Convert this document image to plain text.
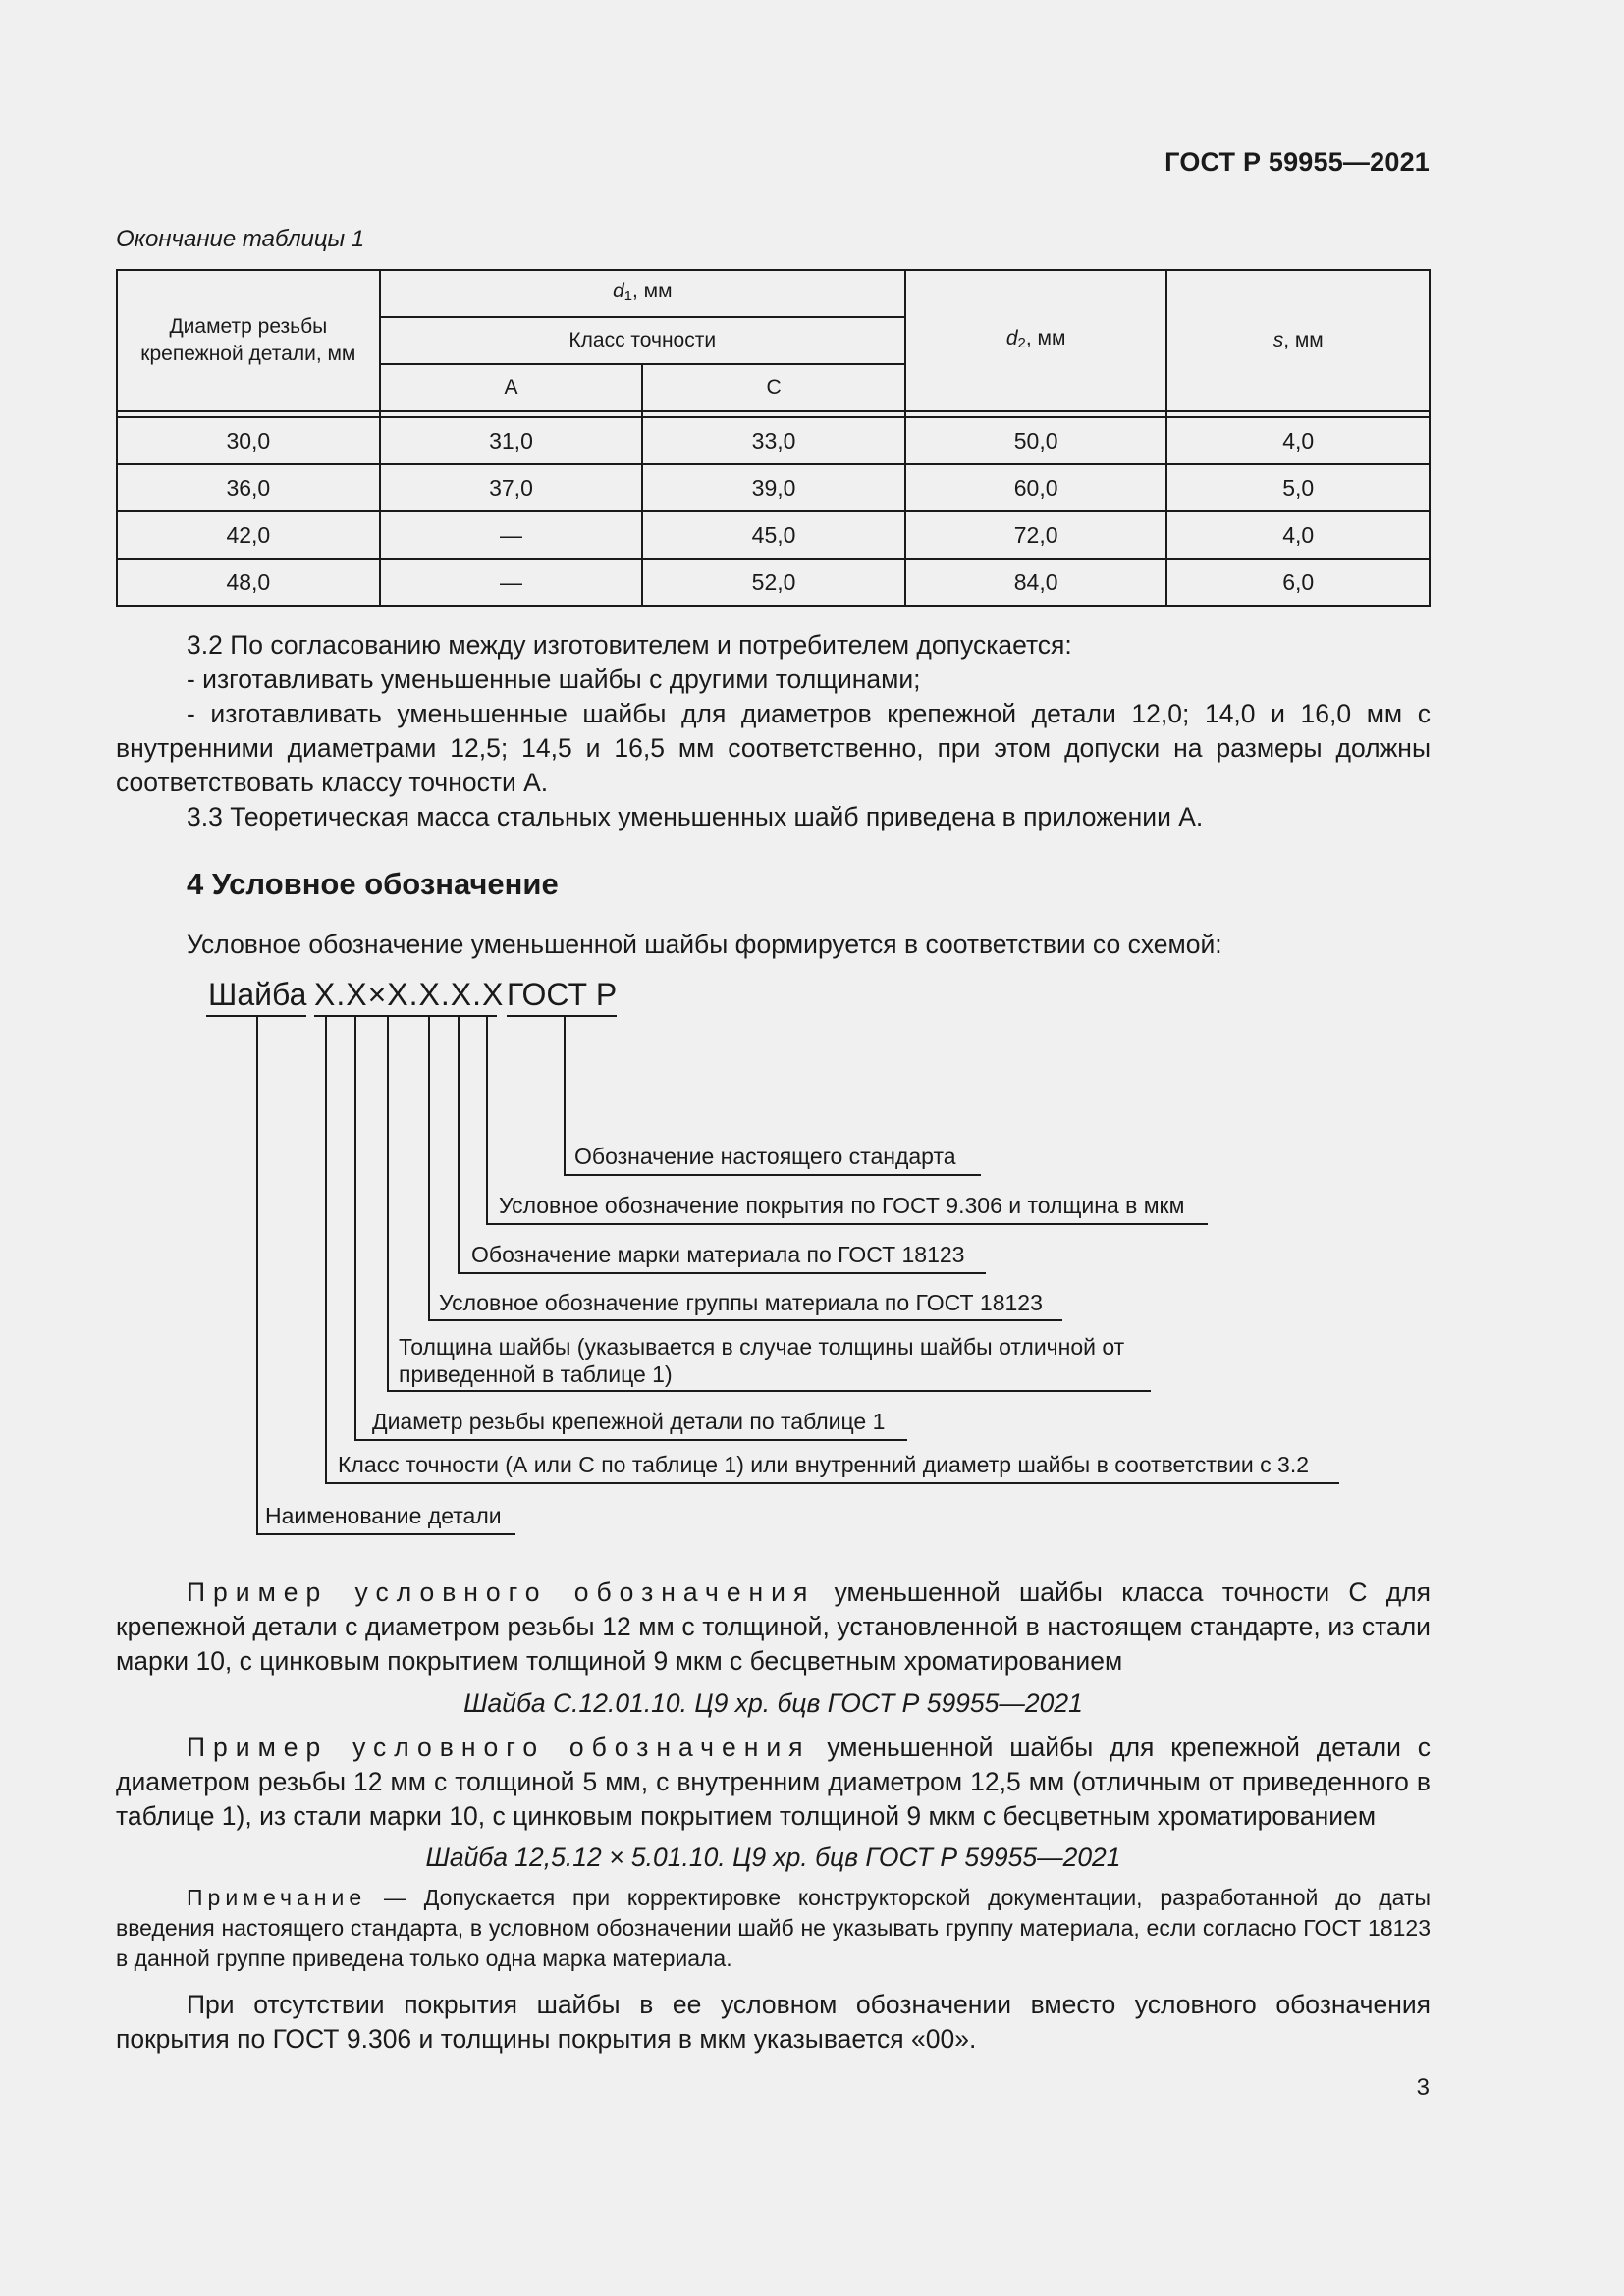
ГОСТ Р 59955—2021
Окончание таблицы 1
Диаметр резьбы крепежной детали, мм	$d_1$, мм		$d_2$, мм	s, мм
	Класс точности			
	А	С		

30,0	31,0	33,0	50,0	4,0
36,0	37,0	39,0	60,0	5,0
42,0	—	45,0	72,0	4,0
48,0	—	52,0	84,0	6,0
3.2 По согласованию между изготовителем и потребителем допускается:
- изготавливать уменьшенные шайбы с другими толщинами;
- изготавливать уменьшенные шайбы для диаметров крепежной детали 12,0; 14,0 и 16,0 мм с внутренними диаметрами 12,5; 14,5 и 16,5 мм соответственно, при этом допуски на размеры должны соответствовать классу точности А.
3.3 Теоретическая масса стальных уменьшенных шайб приведена в приложении А.
4 Условное обозначение
Условное обозначение уменьшенной шайбы формируется в соответствии со схемой:
Шайба Х.Х×Х.Х.Х.Х ГОСТ Р
Обозначение настоящего стандарта
Условное обозначение покрытия по ГОСТ 9.306 и толщина в мкм
Обозначение марки материала по ГОСТ 18123
Условное обозначение группы материала по ГОСТ 18123
Толщина шайбы (указывается в случае толщины шайбы отличной от
приведенной в таблице 1)
Диаметр резьбы крепежной детали по таблице 1
Класс точности (А или С по таблице 1) или внутренний диаметр шайбы в соответствии с 3.2
Наименование детали
Пример условного обозначения уменьшенной шайбы класса точности С для крепежной детали с диаметром резьбы 12 мм с толщиной, установленной в настоящем стандарте, из стали марки 10, с цинковым покрытием толщиной 9 мкм с бесцветным хроматированием
Шайба С.12.01.10. Ц9 хр. бцв ГОСТ Р 59955—2021
Пример условного обозначения уменьшенной шайбы для крепежной детали с диаметром резьбы 12 мм с толщиной 5 мм, с внутренним диаметром 12,5 мм (отличным от приведенного в таблице 1), из стали марки 10, с цинковым покрытием толщиной 9 мкм с бесцветным хроматированием
Шайба 12,5.12 × 5.01.10. Ц9 хр. бцв ГОСТ Р 59955—2021
Примечание — Допускается при корректировке конструкторской документации, разработанной до даты введения настоящего стандарта, в условном обозначении шайб не указывать группу материала, если согласно ГОСТ 18123 в данной группе приведена только одна марка материала.
При отсутствии покрытия шайбы в ее условном обозначении вместо условного обозначения покрытия по ГОСТ 9.306 и толщины покрытия в мкм указывается «00».
3
